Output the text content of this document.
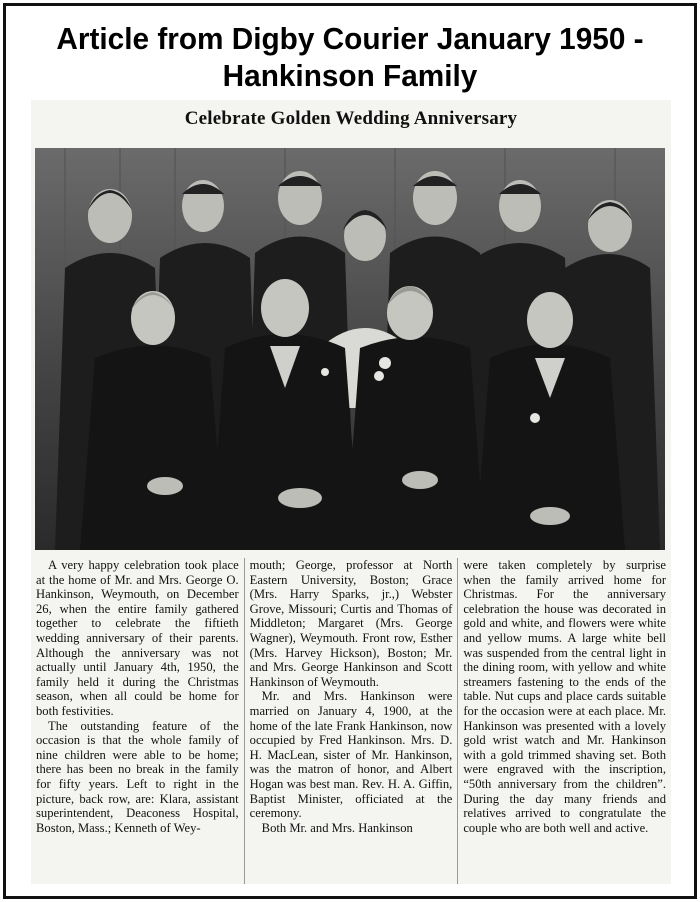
Article from Digby Courier January 1950 -
Hankinson Family
Celebrate Golden Wedding Anniversary

A very happy celebration took place at the home of Mr. and Mrs. George O. Hankinson, Weymouth, on December 26, when the entire family gathered together to celebrate the fiftieth wedding anniversary of their parents. Although the anniversary was not actually until January 4th, 1950, the family held it during the Christmas season, when all could be home for both festivities.

The outstanding feature of the occasion is that the whole family of nine children were able to be home; there has been no break in the family for fifty years. Left to right in the picture, back row, are: Klara, assistant superintendent, Deaconess Hospital, Boston, Mass.; Kenneth of Wey-

mouth; George, professor at North Eastern University, Boston; Grace (Mrs. Harry Sparks, jr.,) Webster Grove, Missouri; Curtis and Thomas of Middleton; Margaret (Mrs. George Wagner), Weymouth. Front row, Esther (Mrs. Harvey Hickson), Boston; Mr. and Mrs. George Hankinson and Scott Hankinson of Weymouth.

Mr. and Mrs. Hankinson were married on January 4, 1900, at the home of the late Frank Hankinson, now occupied by Fred Hankinson. Mrs. D. H. MacLean, sister of Mr. Hankinson, was the matron of honor, and Albert Hogan was best man. Rev. H. A. Giffin, Baptist Minister, officiated at the ceremony.

Both Mr. and Mrs. Hankinson

were taken completely by surprise when the family arrived home for Christmas. For the anniversary celebration the house was decorated in gold and white, and flowers were white and yellow mums. A large white bell was suspended from the central light in the dining room, with yellow and white streamers fastening to the ends of the table. Nut cups and place cards suitable for the occasion were at each place. Mr. Hankinson was presented with a lovely gold wrist watch and Mr. Hankinson with a gold trimmed shaving set. Both were engraved with the inscription, “50th anniversary from the children”. During the day many friends and relatives arrived to congratulate the couple who are both well and active.
